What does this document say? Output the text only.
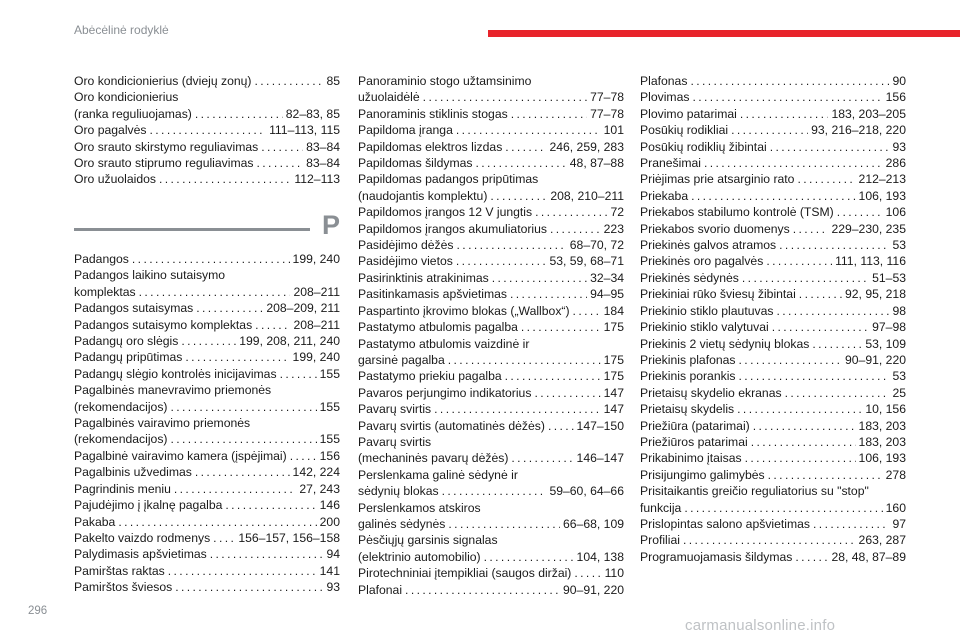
Abėcėlinė rodyklė
Oro kondicionierius (dviejų zonų) . . .	85
Oro kondicionierius
(ranka reguliuojamas) . . .	82–83, 85
Oro pagalvės . . .	111–113, 115
Oro srauto skirstymo reguliavimas . . .	83–84
Oro srauto stiprumo reguliavimas . . .	83–84
Oro užuolaidos . . .	112–113
P
Padangos . . .	199, 240
Padangos laikino sutaisymo
komplektas . . .	208–211
Padangos sutaisymas . . .	208–209, 211
Padangos sutaisymo komplektas . . .	208–211
Padangų oro slėgis . . .	199, 208, 211, 240
Padangų pripūtimas . . .	199, 240
Padangų slėgio kontrolės inicijavimas . . .	155
Pagalbinės manevravimo priemonės
(rekomendacijos) . . .	155
Pagalbinės vairavimo priemonės
(rekomendacijos) . . .	155
Pagalbinė vairavimo kamera (įspėjimai) . . .	156
Pagalbinis užvedimas . . .	142, 224
Pagrindinis meniu . . .	27, 243
Pajudėjimo į įkalnę pagalba . . .	146
Pakaba . . .	200
Pakelto vaizdo rodmenys . . . 156–157, 156–158
Palydimasis apšvietimas . . .	94
Pamirštas raktas . . .	141
Pamirštos šviesos . . .	93
Panoraminio stogo užtamsinimo
užuolaidėlė . . .	77–78
Panoraminis stiklinis stogas . . .	77–78
Papildoma įranga . . .	101
Papildomas elektros lizdas . . .	246, 259, 283
Papildomas šildymas . . .	48, 87–88
Papildomas padangos pripūtimas
(naudojantis komplektu) . . .	208, 210–211
Papildomos įrangos 12 V jungtis . . .	72
Papildomos įrangos akumuliatorius . . .	223
Pasidėjimo dėžės . . .	68–70, 72
Pasidėjimo vietos . . .	53, 59, 68–71
Pasirinktinis atrakinimas . . .	32–34
Pasitinkamasis apšvietimas . . .	94–95
Paspartinto įkrovimo blokas („Wallbox“) . . .	184
Pastatymo atbulomis pagalba . . .	175
Pastatymo atbulomis vaizdinė ir
garsinė pagalba . . .	175
Pastatymo priekiu pagalba . . .	175
Pavaros perjungimo indikatorius . . .	147
Pavarų svirtis . . .	147
Pavarų svirtis (automatinės dėžės) . . .	147–150
Pavarų svirtis
(mechaninės pavarų dėžės) . . .	146–147
Perslenkama galinė sėdynė ir
sėdynių blokas . . .	59–60, 64–66
Perslenkamos atskiros
galinės sėdynės . . .	66–68, 109
Pėsčiųjų garsinis signalas
(elektrinio automobilio) . . .	104, 138
Pirotechniniai įtempikliai (saugos diržai) . . .	110
Plafonai . . .	90–91, 220
Plafonas . . .	90
Plovimas . . .	156
Plovimo patarimai . . .	183, 203–205
Posūkių rodikliai . . .	93, 216–218, 220
Posūkių rodiklių žibintai . . .	93
Pranešimai . . .	286
Priėjimas prie atsarginio rato . . .	212–213
Priekaba . . .	106, 193
Priekabos stabilumo kontrolė (TSM) . . .	106
Priekabos svorio duomenys . . .	229–230, 235
Priekinės galvos atramos . . .	53
Priekinės oro pagalvės . . .	111, 113, 116
Priekinės sėdynės . . .	51–53
Priekiniai rūko šviesų žibintai . . .	92, 95, 218
Priekinio stiklo plautuvas . . .	98
Priekinio stiklo valytuvai . . .	97–98
Priekinis 2 vietų sėdynių blokas . . .	53, 109
Priekinis plafonas . . .	90–91, 220
Priekinis porankis . . .	53
Prietaisų skydelio ekranas . . .	25
Prietaisų skydelis . . .	10, 156
Priežiūra (patarimai) . . .	183, 203
Priežiūros patarimai . . .	183, 203
Prikabinimo įtaisas . . .	106, 193
Prisijungimo galimybės . . .	278
Prisitaikantis greičio reguliatorius su "stop"
funkcija . . .	160
Prislopintas salono apšvietimas . . .	97
Profiliai . . .	263, 287
Programuojamasis šildymas . . .	28, 48, 87–89
296
carmanualsonline.info
